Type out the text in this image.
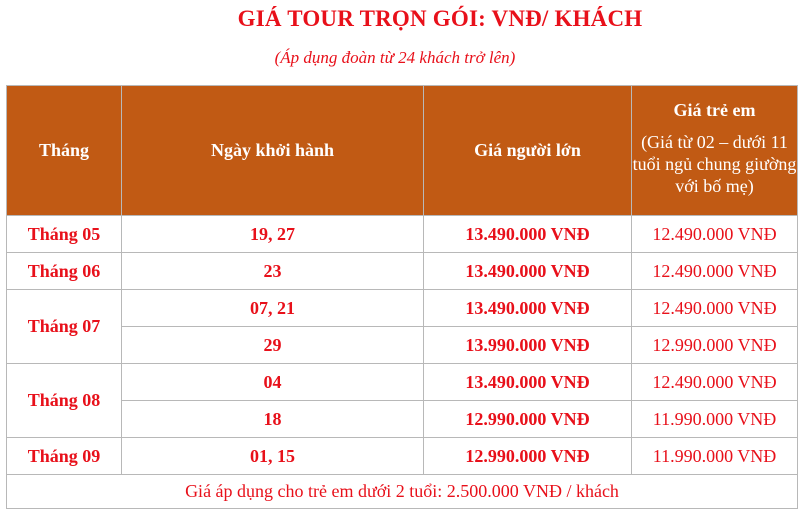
GIÁ TOUR TRỌN GÓI: VNĐ/ KHÁCH
(Áp dụng đoàn từ 24 khách trở lên)
Tháng	Ngày khởi hành	Giá người lớn	Giá trẻ em
(Giá từ 02 – dưới 11 tuổi ngủ chung giường với bố mẹ)

Tháng 05	19, 27	13.490.000 VNĐ	12.490.000 VNĐ
Tháng 06	23	13.490.000 VNĐ	12.490.000 VNĐ
Tháng 07	07, 21	13.490.000 VNĐ	12.490.000 VNĐ
	29	13.990.000 VNĐ	12.990.000 VNĐ
Tháng 08	04	13.490.000 VNĐ	12.490.000 VNĐ
	18	12.990.000 VNĐ	11.990.000 VNĐ
Tháng 09	01, 15	12.990.000 VNĐ	11.990.000 VNĐ
Giá áp dụng cho trẻ em dưới 2 tuổi: 2.500.000 VNĐ / khách			
